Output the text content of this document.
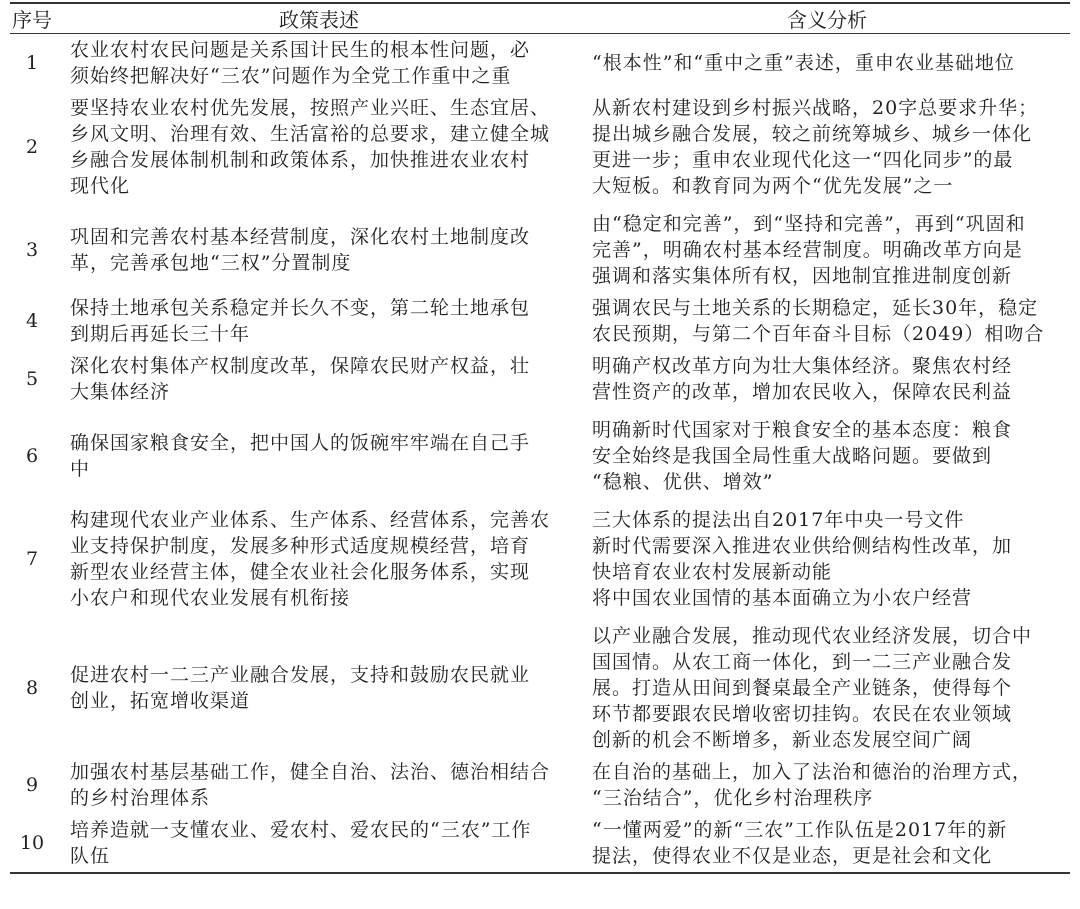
序号	政策表述	含义分析
1	农业农村农民问题是关系国计民生的根本性问题，必
须始终把解决好“三农”问题作为全党工作重中之重	“根本性”和“重中之重”表述，重申农业基础地位

2	要坚持农业农村优先发展，按照产业兴旺、生态宜居、
乡风文明、治理有效、生活富裕的总要求，建立健全城
乡融合发展体制机制和政策体系，加快推进农业农村
现代化	从新农村建设到乡村振兴战略，20字总要求升华；
提出城乡融合发展，较之前统筹城乡、城乡一体化
更进一步；重申农业现代化这一“四化同步”的最
大短板。和教育同为两个“优先发展”之一

3	巩固和完善农村基本经营制度，深化农村土地制度改
革，完善承包地“三权”分置制度	由“稳定和完善”，到“坚持和完善”，再到“巩固和
完善”，明确农村基本经营制度。明确改革方向是
强调和落实集体所有权，因地制宜推进制度创新

4	保持土地承包关系稳定并长久不变，第二轮土地承包
到期后再延长三十年	强调农民与土地关系的长期稳定，延长30年，稳定
农民预期，与第二个百年奋斗目标（2049）相吻合

5	深化农村集体产权制度改革，保障农民财产权益，壮
大集体经济	明确产权改革方向为壮大集体经济。聚焦农村经
营性资产的改革，增加农民收入，保障农民利益

6	确保国家粮食安全，把中国人的饭碗牢牢端在自己手
中	明确新时代国家对于粮食安全的基本态度：粮食
安全始终是我国全局性重大战略问题。要做到
“稳粮、优供、增效”

7	构建现代农业产业体系、生产体系、经营体系，完善农
业支持保护制度，发展多种形式适度规模经营，培育
新型农业经营主体，健全农业社会化服务体系，实现
小农户和现代农业发展有机衔接	三大体系的提法出自2017年中央一号文件
新时代需要深入推进农业供给侧结构性改革，加
快培育农业农村发展新动能
将中国农业国情的基本面确立为小农户经营

8	促进农村一二三产业融合发展，支持和鼓励农民就业
创业，拓宽增收渠道	以产业融合发展，推动现代农业经济发展，切合中
国国情。从农工商一体化，到一二三产业融合发
展。打造从田间到餐桌最全产业链条，使得每个
环节都要跟农民增收密切挂钩。农民在农业领域
创新的机会不断增多，新业态发展空间广阔

9	加强农村基层基础工作，健全自治、法治、德治相结合
的乡村治理体系	在自治的基础上，加入了法治和德治的治理方式，
“三治结合”，优化乡村治理秩序

10	培养造就一支懂农业、爱农村、爱农民的“三农”工作
队伍	“一懂两爱”的新“三农”工作队伍是2017年的新
提法，使得农业不仅是业态，更是社会和文化
